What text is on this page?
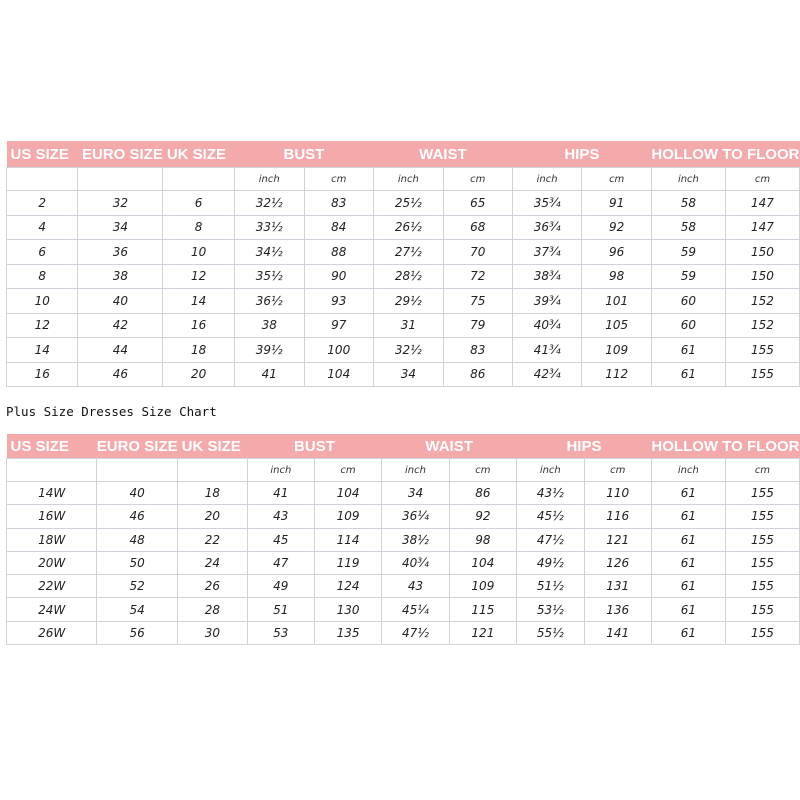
US SIZE	EURO SIZE	UK SIZE	BUST		WAIST		HIPS		HOLLOW TO FLOOR	
			inch	cm	inch	cm	inch	cm	inch	cm
2	32	6	32½	83	25½	65	35¾	91	58	147
4	34	8	33½	84	26½	68	36¾	92	58	147
6	36	10	34½	88	27½	70	37¾	96	59	150
8	38	12	35½	90	28½	72	38¾	98	59	150
10	40	14	36½	93	29½	75	39¾	101	60	152
12	42	16	38	97	31	79	40¾	105	60	152
14	44	18	39½	100	32½	83	41¾	109	61	155
16	46	20	41	104	34	86	42¾	112	61	155
Plus Size Dresses Size Chart
US SIZE	EURO SIZE	UK SIZE	BUST		WAIST		HIPS		HOLLOW TO FLOOR	
			inch	cm	inch	cm	inch	cm	inch	cm
14W	40	18	41	104	34	86	43½	110	61	155
16W	46	20	43	109	36¼	92	45½	116	61	155
18W	48	22	45	114	38½	98	47½	121	61	155
20W	50	24	47	119	40¾	104	49½	126	61	155
22W	52	26	49	124	43	109	51½	131	61	155
24W	54	28	51	130	45¼	115	53½	136	61	155
26W	56	30	53	135	47½	121	55½	141	61	155
